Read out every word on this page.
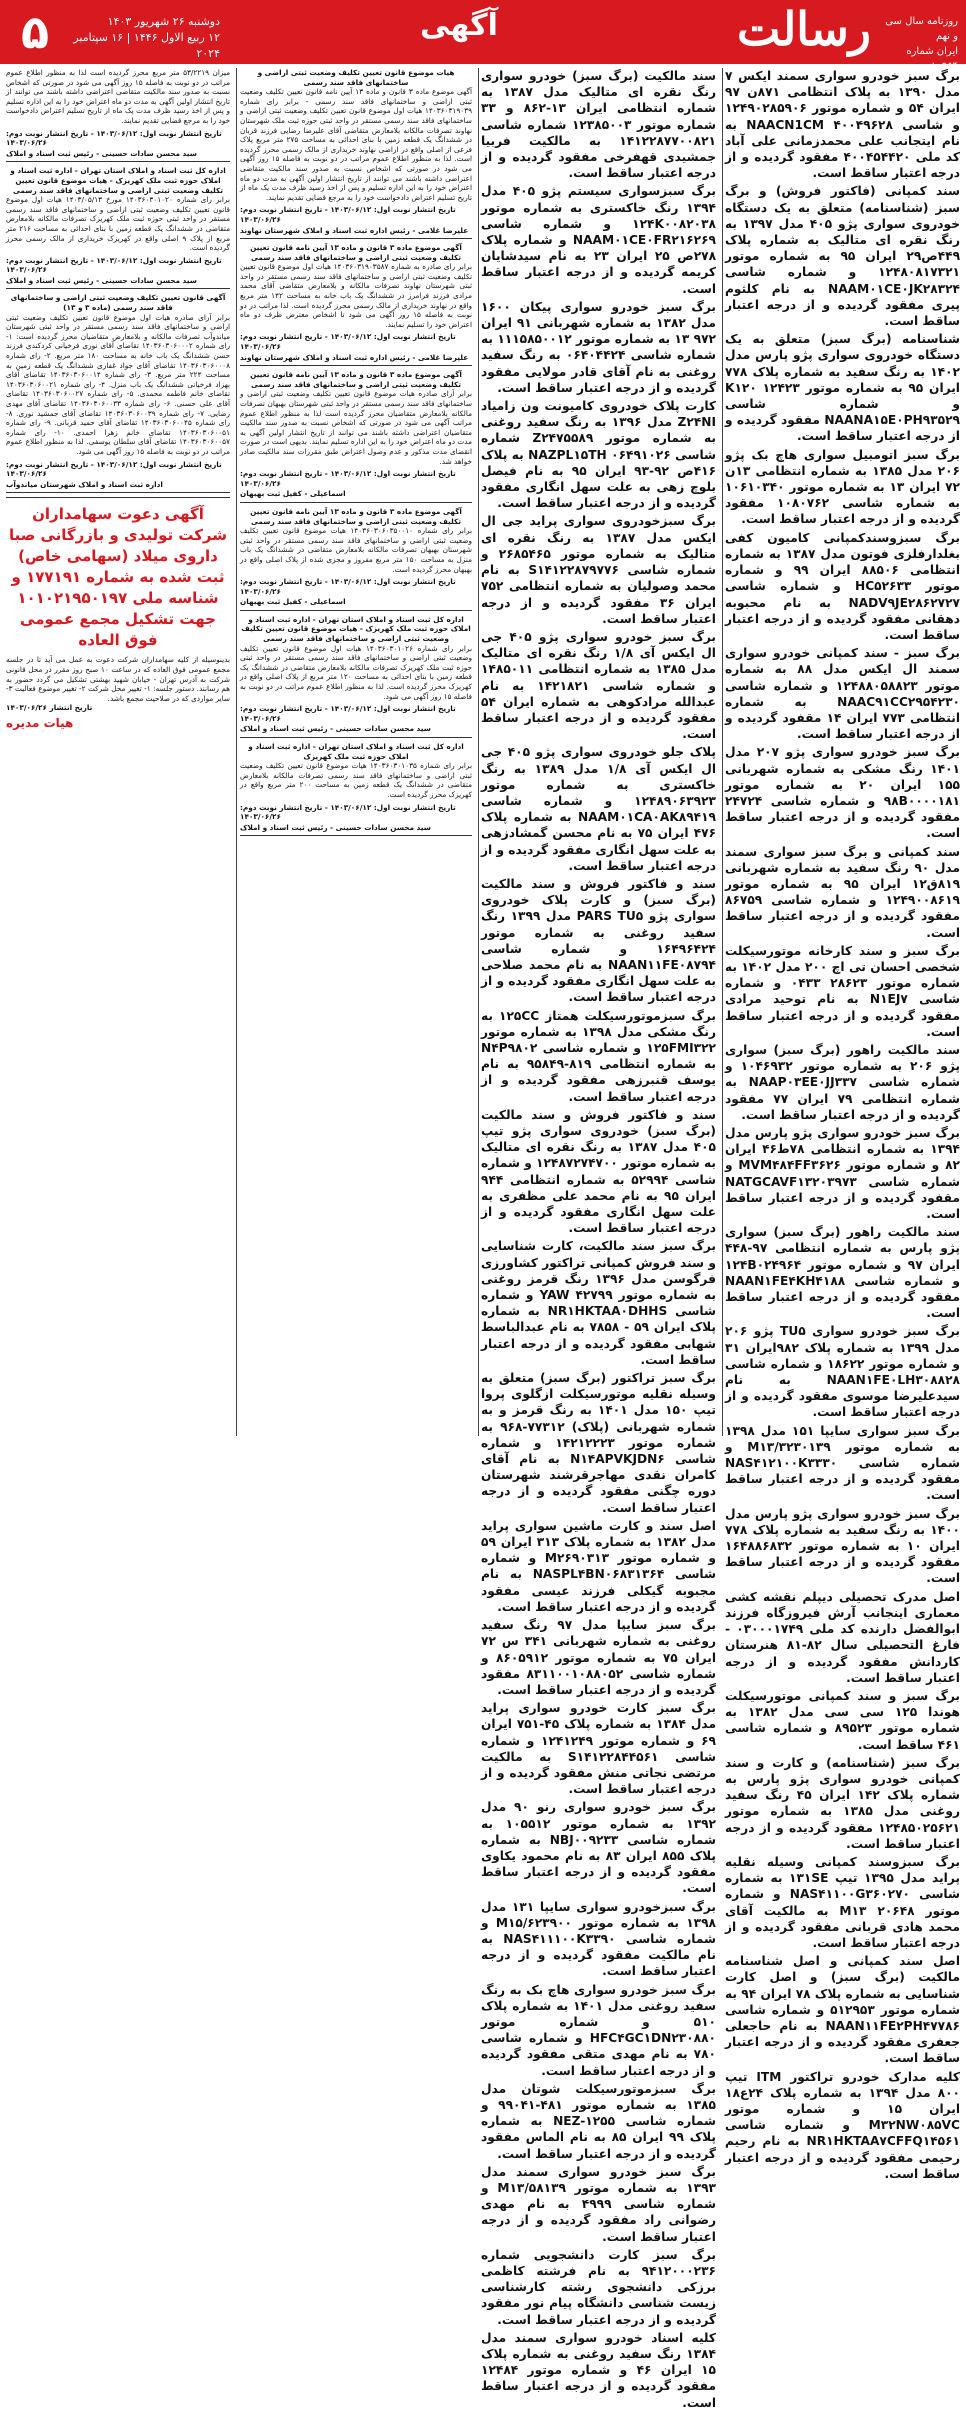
۵	دوشنبه ۲۶ شهریور ۱۴۰۳
۱۲ ربیع الاول ۱۴۴۶ | ۱۶ سپتامبر ۲۰۲۴
آگهی	رسالت	روزنامه سال سی و نهم
ایران شماره ۱۰۹۵۴

برگ سبز خودرو سواری سمند ایکس ۷ مدل ۱۳۹۰ به پلاک انتظامی ۸۷۱ن ۹۷ ایران ۵۴ و شماره موتور ۱۲۴۹۰۲۸۵۹۰۶ و شاسی ۴۰۰۴۹۶۲۸ NAACN1CM به نام ایتجانب علی محمدزمانی علی آباد کد ملی ۴۰۰۴۵۴۴۲۰ مفقود گردیده و از درجه اعتبار ساقط است.

سند کمپانی (فاکتور فروش) و برگ سبز (شناسنامه) متعلق به یک دستگاه خودروی سواری پژو ۴۰۵ مدل ۱۳۹۷ به رنگ نقره ای متالیک به شماره پلاک ۴۴۹ص۲۹ ایران ۹۵ به شماره موتور ۱۲۴۸۰۸۱۷۳۲۱ و شماره شاسی NAAM۰۱CE۰JK۲۸۳۲۴ به نام کلثوم پیری مفقود گردیده و از درجه اعتبار ساقط است.

شناسنامه (برگ سبز) متعلق به یک دستگاه خودروی سواری پژو پارس مدل ۱۴۰۲ به رنگ سفید به شماره پلاک ۷۷۸ ایران ۹۵ به شماره موتور ۱۲۴۲۳ K۱۲۰ و شماره شاسی NAANA۱۵E۰PH۹۳۵۲۹ مفقود گردیده و از درجه اعتبار ساقط است.

برگ سبز اتومبیل سواری هاچ بک پژو ۲۰۶ مدل ۱۳۸۵ به شماره انتظامی ۱۳ن ۷۲ ایران ۱۳ به شماره موتور ۱۰۶۱۰۳۴۰ به شماره شاسی ۱۰۸۰۷۶۲ مفقود گردیده و از درجه اعتبار ساقط است.

برگ سبزوسندکمپانی کامیون کفی بغلدارفلزی فوتون مدل ۱۳۸۷ به شماره انتظامی ۸۸۵۰۶ ایران ۹۹ و شماره موتور HC۵۲۶۳۳ و شماره شاسی NADV۹JE۲۸۶۲۷۲۷ به نام محبوبه دهقانی مفقود گردیده و از درجه اعتبار ساقط است.

برگ سبز - سند کمپانی خودرو سواری سمند ال ایکس مدل ۸۸ به شماره موتور ۱۲۴۸۸۰۵۸۸۲۳ و شماره شاسی NAAC۹۱CC۲۹۵۴۲۳۰ به شماره انتظامی ۷۷۳ ایران ۱۴ مقفود گردیده و از درجه اعتبار ساقط است.

برگ سبز خودرو سواری پژو ۲۰۷ مدل ۱۴۰۱ رنگ مشکی به شماره شهربانی ۱۵۵ ایران ۲۰ به شماره موتور ۹۸B۰۰۰۰۱۸۱ و شماره شاسی ۲۴۷۲۴ مفقود گردیده و از درجه اعتبار ساقط است.

سند کمپانی و برگ سبز سواری سمند مدل ۹۰ رنگ سفید به شماره شهربانی ۸۱۹ق۱۲ ایران ۹۵ به شماره موتور ۱۲۴۹۰۰۸۶۱۹ و شماره شاسی ۸۶۷۵۹ مفقود گردیده و از درجه اعتبار ساقط است.

برگ سبز و سند کارخانه موتورسیکلت شخصی احسان تی اچ ۲۰۰ مدل ۱۴۰۲ به شماره موتور ۲۸۶۲۳ ۰۴۳۳ و شماره شاسی N۱EJ۷ به نام توحید مرادی مفقود گردیده و از درجه اعتبار ساقط است.

سند مالکیت راهور (برگ سبز) سواری پژو ۲۰۶ به شماره موتور ۱۰۴۶۹۳۲ و شماره شاسی NAAP۰۳EE۰JJ۳۳۷ به شماره انتظامی ۷۹ ایران ۷۷ مفقود گردیده و از درجه اعتبار ساقط است.

برگ سبز خودرو سواری پژو پارس مدل ۱۳۹۴ به شماره انتظامی ۷۸ط۴۶ ایران ۸۲ و شماره موتور MVM۴۸۴FF۳۶۲۶ و شماره شاسی NATGCAVF۱۳۲۰۳۹۷۳ مقفود گردیده و از درجه اعتبار ساقط است.

سند مالکیت راهور (برگ سبز) سواری پژو پارس به شماره انتظامی ۹۷-۴۴۸ ایران ۹۷ و شماره موتور ۱۲۴B۰۲۴۹۶۴ و شماره شاسی NAAN۱FE۴KH۴۱۸۸ مفقود گردیده و از درجه اعتبار ساقط است.

برگ سبز خودرو سواری TU۵ پژو ۲۰۶ مدل ۱۳۹۹ به شماره پلاک ۹۸۲ایران ۳۱ و شماره موتور ۱۸۶۲۲ و شماره شاسی NAAN۱FE۰LH۳۰۸۸۲۸ به نام سیدعلیرضا موسوی مفقود گردیده و از درجه اعتبار ساقط است.

برگ سبز سواری سایپا ۱۵۱ مدل ۱۳۹۸ به شماره موتور M۱۳/۳۲۳۰۱۳۹ و شماره شاسی NAS۴۱۲۱۰۰K۳۳۳۰ مفقود گردیده و از درجه اعتبار ساقط است.

برگ سبز خودرو سواری پژو پارس مدل ۱۴۰۰ به رنگ سفید به شماره پلاک ۷۷۸ ایران ۱۰ به شماره موتور ۱۶۴۸۸۶۸۳۲ مفقود گردیده و از درجه اعتبار ساقط است.

اصل مدرک تحصیلی دیپلم نقشه کشی معماری اینجانب آرش فیروزگاه فرزند ابوالفضل دارنده کد ملی ۰۳۰۰۰۱۷۴۹ - فارغ التحصیلی سال ۸۲-۸۱ هنرستان کاردانش مفقود گردیده و از درجه اعتبار ساقط است.

برگ سبز و سند کمپانی موتورسیکلت هوندا ۱۲۵ سی سی مدل ۱۳۸۲ به شماره موتور ۸۹۵۲۳ و شماره شاسی ۴۶۱ ساقط است.

برگ سبز (شناسنامه) و کارت و سند کمپانی خودرو سواری پژو پارس به شماره پلاک ۱۴۲ ایران ۴۵ رنگ سفید روغنی مدل ۱۳۸۵ به شماره موتور ۱۲۴۸۵۰۲۵۶۲۱ مفقود گردیده و از درجه اعتبار ساقط است.

برگ سبزوسند کمپانی وسیله نقلیه پراید مدل ۱۳۹۵ تیپ ۱۳۱SE به شماره شاسی NAS۴۱۱۰۰G۳۶۰۲۷۰ و شماره موتور ۲۰۶۴۸ M۱۳ به مالکیت آقای محمد هادی قربانی مفقود گردیده و از درجه اعتبار ساقط است.

اصل سند کمپانی و اصل شناسنامه مالکیت (برگ سبز) و اصل کارت شناسایی به شماره پلاک ۷۸ ایران ۹۴ به شماره موتور ۵۱۲۹۵۳ و شماره شاسی NAAN۱۱FE۲PH۴۷۷۸۶ به نام حاجعلی جعفری مفقود گردیده و از درجه اعتبار ساقط است.

کلیه مدارک خودرو تراکتور ITM تیپ ۸۰۰ مدل ۱۳۹۴ به شماره پلاک ۲۴ع۱۸ ایران ۱۵ و شماره موتور M۳۲NW۰۸۵VC و شماره شاسی NR۱HKTAA۷CFFQ۱۴۵۶۱ به نام رحیم رحیمی مفقود گردیده و از درجه اعتبار ساقط است.

سند مالکیت (برگ سبز) خودرو سواری رنگ نقره ای متالیک مدل ۱۳۸۷ به شماره انتظامی ایران ۱۳-۸۶۲ و ۳۳ شماره موتور ۱۲۳۸۵۰۰۳ شماره شاسی ۱۴۱۲۲۸۷۷۰۰۸۲۱ به مالکیت فربیا جمشیدی قهفرخی مفقود گردیده و از درجه اعتبار ساقط است.

برگ سبزسواری سیستم پژو ۴۰۵ مدل ۱۳۹۴ رنگ خاکستری به شماره موتور ۱۲۴K۰۰۸۲۰۳۸ و شماره شاسی NAAM۰۱CE۰FR۲۱۶۲۶۹ و شماره پلاک ۲۷۸ص ۲۵ ایران ۲۳ به نام سیدشایان کریمه گردیده و از درجه اعتبار ساقط است.

برگ سبز خودرو سواری پیکان ۱۶۰۰ مدل ۱۳۸۲ به شماره شهربانی ۹۱ ایران ۹۷۲ ۱۳ به شماره موتور ۱۱۱۵۸۵۰۰۱۲ به شماره شاسی ۰۶۴۰۴۴۲۴ به رنگ سفید روغنی به نام آقای قادر مولایی مفقود گردیده و از درجه اعتبار ساقط است.

کارت پلاک خودروی کامیونت ون زامیاد Z۲۴NI مدل ۱۳۹۶ به رنگ سفید روغنی به شماره موتور Z۲۴۷۵۵۸۹ شماره شاسی ۰۶۴۹۱۰۲۶ NAZPL۱۵TH به پلاک ۴۱۶ص ۹۲-۹۳ ایران ۹۵ به نام فیصل بلوچ زهی به علت سهل انگاری مفقود گردیده و از درجه اعتبار ساقط است.

برگ سبزخودروی سواری پراید جی ال ایکس مدل ۱۳۸۷ به رنگ نقره ای متالیک به شماره موتور ۲۶۸۵۴۶۵ و شماره شاسی S۱۴۱۲۲۸۷۹۷۷۶ به نام محمد وصولیان به شماره انتظامی ۷۵۲ ایران ۳۶ مفقود گردیده و از درجه اعتبار ساقط است.

برگ سبز خودرو سواری پژو ۴۰۵ جی ال ایکس آی ۱/۸ رنگ نقره ای متالیک مدل ۱۳۸۵ به شماره انتظامی ۱۴۸۵۰۱۱ و شماره شاسی ۱۴۲۱۸۲۱ به نام عبدالله مرادکوهی به شماره ایران ۵۴ مفقود گردیده و از درجه اعتبار ساقط است.

پلاک جلو خودروی سواری پژو ۴۰۵ جی ال ایکس آی ۱/۸ مدل ۱۳۸۹ به رنگ خاکستری به شماره موتور ۱۲۴۸۹۰۶۳۹۲۳ و شماره شاسی NAAM۰۱CA۰AK۸۹۴۱۹ به شماره پلاک ۴۷۶ ایران ۷۵ به نام محسن گمشادزهی به علت سهل انگاری مفقود گردیده و از درجه اعتبار ساقط است.

سند و فاکتور فروش و سند مالکیت (برگ سبز) و کارت پلاک خودروی سواری پژو PARS TU۵ مدل ۱۳۹۹ رنگ سفید روغنی به شماره موتور ۱۶۴۹۶۴۲۴ و شماره شاسی NAAN۱۱FE۰۸۷۹۴ به نام محمد صلاحی به علت سهل انگاری مفقود گردیده و از درجه اعتبار ساقط است.

برگ سبزموتورسیکلت همتاز ۱۲۵CC به رنگ مشکی مدل ۱۳۹۸ به شماره موتور ۱۲۵FMI۳۲۲ و شماره شاسی N۴P۹۸۰۲ به شماره انتظامی ۸۱۹-۹۵۸۴۹ به نام یوسف قنبرزهی مفقود گردیده و از درجه اعتبار ساقط است.

سند و فاکتور فروش و سند مالکیت (برگ سبز) خودروی سواری پژو تیپ ۴۰۵ مدل ۱۳۸۷ به رنگ نقره ای متالیک به شماره موتور ۱۲۴۸۷۲۷۴۷۰۰ و شماره شاسی ۵۲۹۹۴ به شماره انتظامی ۹۴۴ ایران ۹۵ به نام محمد علی مظفری به علت سهل انگاری مفقود گردیده و از درجه اعتبار ساقط است.

برگ سبز سند مالکیت، کارت شناسایی و سند فروش کمپانی تراکتور کشاورزی فرگوسن مدل ۱۳۹۶ رنگ قرمز روغنی به شماره موتور YAW ۴۲۷۹۹ و شماره شاسی NR۱HKTAA۰DHHS به شماره پلاک ایران ۵۹ - ۷۸۵۸ به نام عبدالباسط شهابی مفقود گردیده و از درجه اعتبار ساقط است.

برگ سبز تراکتور (برگ سبز) متعلق به وسیله نقلیه موتورسیکلت ازگلوی پروا تیپ ۱۵۰ مدل ۱۴۰۱ به رنگ قرمز و به شماره شهربانی (پلاک) ۷۷۳۱۲-۹۶۸ به شماره موتور ۱۴۲۱۲۲۲۳ و شماره شاسی N۱۴APVKJDN۶ به نام آقای کامران نقدی مهاجرقرشند شهرستان دوره چگنی مفقود گردیده و از درجه اعتبار ساقط است.

اصل سند و کارت ماشین سواری پراید مدل ۱۳۸۲ به شماره پلاک ۳۱۳ ایران ۵۹ و شماره موتور M۲۶۹۰۳۱۳ و شماره شاسی NASPL۴BN۰۶۸۳۱۳۶۴ به نام مجبوبه گیکلی فرزند عیسی مفقود گردیده و از درجه اعتبار ساقط است.

برگ سبز سایپا مدل ۹۷ رنگ سفید روغنی به شماره شهربانی ۳۴۱ س ۷۲ ایران ۷۵ به شماره موتور ۸۶۰۵۹۱۲ و شماره شاسی ۸۳۱۱۰۰۱۰۸۸۰۵۲ مفقود گردیده و از درجه اعتبار ساقط است.

برگ سبز کارت خودرو سواری پراید مدل ۱۳۸۴ به شماره پلاک ۴۵-۷۵۱ ایران ۶۹ و شماره موتور ۱۲۴۱۲۴۹ و شماره شاسی S۱۴۱۲۲۸۴۴۵۶۱ به مالکیت مرتضی نجاتی منش مفقود گردیده و از درجه اعتبار ساقط است.

برگ سبز خودرو سواری رنو ۹۰ مدل ۱۳۹۲ به شماره موتور ۱۰۵۵۱۲ به شماره شاسی NBJ۰۰۹۲۳۳ به شماره پلاک ۸۵۵ ایران ۸۳ به نام محمود یکاوی مفقود گردیده و از درجه اعتبار ساقط است.

برگ سبزخودرو سواری سایپا ۱۳۱ مدل ۱۳۹۸ به شماره موتور M۱۵/۶۲۳۹۰۰ و شماره شاسی NAS۴۱۱۱۰۰K۳۳۹۰ به نام مالکیت مفقود گردیده و از درجه اعتبار ساقط است.

برگ سبز خودرو سواری هاچ بک به رنگ سفید روغنی مدل ۱۴۰۱ به شماره پلاک ۵۱۰ و شماره موتور HFC۴GC۱DN۲۳۰۸۸۰ و شماره شاسی ۷۸۰ به نام مهدی متقی مفقود گردیده و از درجه اعتبار ساقط است.

برگ سبزموتورسیکلت شوتان مدل ۱۳۸۵ به شماره موتور ۴۸۱-۹۹۰۴۱ و شماره شاسی NEZ-۱۲۵۵ به شماره پلاک ۹۹ ایران ۸۵ به نام الماس مفقود گردیده و از درجه اعتبار ساقط است.

برگ سبز خودرو سواری سمند مدل ۱۳۹۳ به شماره موتور M۱۳/۵۸۱۳۹ و شماره شاسی ۴۹۹۹ به نام مهدی رضوانی راد مفقود گردیده و از درجه اعتبار ساقط است.

برگ سبز کارت دانشجویی شماره ۹۴۱۲۰۰۰۲۳۶ به نام فرشته کاظمی برزکی دانشجوی رشته کارشناسی زیست شناسی دانشگاه پیام نور مفقود گردیده و از درجه اعتبار ساقط است.

کلیه اسناد خودرو سواری سمند مدل ۱۳۸۴ رنگ سفید روغنی به شماره پلاک ۱۵ ایران ۴۶ و شماره موتور ۱۲۴۸۴ مفقود گردیده و از درجه اعتبار ساقط است.

هیات موضوع قانون تعیین تکلیف وضعیت ثبتی اراضی و ساختمانهای فاقد سند رسمی

آگهی موضوع ماده ۳ قانون و ماده ۱۳ آیین نامه قانون تعیین تکلیف وضعیت ثبتی اراضی و ساختمانهای فاقد سند رسمی - برابر رای شماره ۱۴۰۳۶۰۳۱۹۰۳۹ هیات اول موضوع قانون تعیین تکلیف وضعیت ثبتی اراضی و ساختمانهای فاقد سند رسمی مستقر در واحد ثبتی حوزه ثبت ملک شهرستان نهاوند تصرفات مالکانه بلامعارض متقاضی آقای علیرضا رضایی فرزند قربان در ششدانگ یک قطعه زمین با بنای احداثی به مساحت ۲۷۵ متر مربع پلاک فرعی از اصلی واقع در اراضی نهاوند خریداری از مالک رسمی محرز گردیده است. لذا به منظور اطلاع عموم مراتب در دو نوبت به فاصله ۱۵ روز آگهی می شود در صورتی که اشخاص نسبت به صدور سند مالکیت متقاضی اعتراضی داشته باشند می توانند از تاریخ انتشار اولین آگهی به مدت دو ماه اعتراض خود را به این اداره تسلیم و پس از اخذ رسید ظرف مدت یک ماه از تاریخ تسلیم اعتراض دادخواست خود را به مرجع قضایی تقدیم نمایند.

تاریخ انتشار نوبت اول: ۱۴۰۳/۰۶/۱۲ - تاریخ انتشار نوبت دوم: ۱۴۰۳/۰۶/۲۶

علیرضا غلامی - رئیس اداره ثبت اسناد و املاک شهرستان نهاوند

آگهی موضوع ماده ۳ قانون و ماده ۱۳ آیین نامه قانون تعیین تکلیف وضعیت ثبتی اراضی و ساختمانهای فاقد سند رسمی

برابر رای صادره به شماره ۱۴۰۳۶۰۳۱۹۰۳۵۸۷ هیات اول موضوع قانون تعیین تکلیف وضعیت ثبتی اراضی و ساختمانهای فاقد سند رسمی مستقر در واحد ثبتی شهرستان نهاوند تصرفات مالکانه و بلامعارض متقاضی آقای محمد مرادی فرزند فرامرز در ششدانگ یک باب خانه به مساحت ۱۴۲ متر مربع واقع در نهاوند خریداری از مالک رسمی محرز گردیده است. لذا مراتب در دو نوبت به فاصله ۱۵ روز آگهی می شود تا اشخاص معترض ظرف دو ماه اعتراض خود را تسلیم نمایند.

تاریخ انتشار نوبت اول: ۱۴۰۳/۰۶/۱۲ - تاریخ انتشار نوبت دوم: ۱۴۰۳/۰۶/۲۶

علیرضا غلامی - رئیس اداره ثبت اسناد و املاک شهرستان نهاوند

آگهی موضوع ماده ۳ قانون و ماده ۱۳ آیین نامه قانون تعیین تکلیف وضعیت ثبتی اراضی و ساختمانهای فاقد سند رسمی

برابر آرای صادره هیات موضوع قانون تعیین تکلیف وضعیت ثبتی اراضی و ساختمانهای فاقد سند رسمی مستقر در واحد ثبتی شهرستان بهبهان تصرفات مالکانه بلامعارض متقاضیان محرز گردیده است لذا به منظور اطلاع عموم مراتب آگهی می شود در صورتی که اشخاص نسبت به صدور سند مالکیت متقاضیان اعتراضی داشته باشند می توانند از تاریخ انتشار اولین آگهی به مدت دو ماه اعتراض خود را به این اداره تسلیم نمایند. بدیهی است در صورت انقضای مدت مذکور و عدم وصول اعتراض طبق مقررات سند مالکیت صادر خواهد شد.

تاریخ انتشار نوبت اول: ۱۴۰۳/۰۶/۱۲ - تاریخ انتشار نوبت دوم: ۱۴۰۳/۰۶/۲۶

اسماعیلی - کفیل ثبت بهبهان

آگهی موضوع ماده ۳ قانون و ماده ۱۳ آیین نامه قانون تعیین تکلیف وضعیت ثبتی اراضی و ساختمانهای فاقد سند رسمی

برابر رای شماره ۱۴۰۳۶۰۳۰۶۰۳۵۰۰۱۰ هیات موضوع قانون تعیین تکلیف وضعیت ثبتی اراضی و ساختمانهای فاقد سند رسمی مستقر در واحد ثبتی شهرستان بهبهان تصرفات مالکانه بلامعارض متقاضی در ششدانگ یک باب منزل به مساحت ۱۵۰ متر مربع مفروز و مجزی شده از پلاک اصلی واقع در بهبهان محرز گردیده است.

تاریخ انتشار نوبت اول: ۱۴۰۳/۰۶/۱۲ - تاریخ انتشار نوبت دوم: ۱۴۰۳/۰۶/۲۶

اسماعیلی - کفیل ثبت بهبهان

اداره کل ثبت اسناد و املاک استان تهران - اداره ثبت اسناد و املاک حوزه ثبت ملک کهریزک - هیات موضوع قانون تعیین تکلیف وضعیت ثبتی اراضی و ساختمانهای فاقد سند رسمی

برابر رای شماره ۱۴۰۳۶۰۳۰۱۰۲۶ هیات اول موضوع قانون تعیین تکلیف وضعیت ثبتی اراضی و ساختمانهای فاقد سند رسمی مستقر در واحد ثبتی حوزه ثبت ملک کهریزک تصرفات مالکانه بلامعارض متقاضی در ششدانگ یک قطعه زمین با بنای احداثی به مساحت ۱۲۰ متر مربع از پلاک اصلی واقع در کهریزک محرز گردیده است. لذا به منظور اطلاع عموم مراتب در دو نوبت به فاصله ۱۵ روز آگهی می شود.

تاریخ انتشار نوبت اول: ۱۴۰۳/۰۶/۱۲ - تاریخ انتشار نوبت دوم: ۱۴۰۳/۰۶/۲۶

سید محسن سادات حسینی - رئیس ثبت اسناد و املاک

اداره کل ثبت اسناد و املاک استان تهران - اداره ثبت اسناد و املاک حوزه ثبت ملک کهریزک

برابر رای شماره ۱۴۰۳۶۰۳۰۱۰۳۵ هیات موضوع قانون تعیین تکلیف وضعیت ثبتی اراضی و ساختمانهای فاقد سند رسمی تصرفات مالکانه بلامعارض متقاضی در ششدانگ یک قطعه زمین به مساحت ۲۰۰ متر مربع واقع در کهریزک محرز گردیده است.

تاریخ انتشار نوبت اول: ۱۴۰۳/۰۶/۱۲ - تاریخ انتشار نوبت دوم: ۱۴۰۳/۰۶/۲۶

سید محسن سادات حسینی - رئیس ثبت اسناد و املاک

میزان ۵۳/۲۲۱۹ متر مربع محرز گردیده است لذا به منظور اطلاع عموم مراتب در دو نوبت به فاصله ۱۵ روز آگهی می شود در صورتی که اشخاص نسبت به صدور سند مالکیت متقاضی اعتراضی داشته باشند می توانند از تاریخ انتشار اولین آگهی به مدت دو ماه اعتراض خود را به این اداره تسلیم و پس از اخذ رسید ظرف مدت یک ماه از تاریخ تسلیم اعتراض دادخواست خود را به مرجع قضایی تقدیم نمایند.

تاریخ انتشار نوبت اول: ۱۴۰۳/۰۶/۱۲ - تاریخ انتشار نوبت دوم: ۱۴۰۳/۰۶/۲۶

سید محسن سادات حسینی - رئیس ثبت اسناد و املاک

اداره کل ثبت اسناد و املاک استان تهران - اداره ثبت اسناد و املاک حوزه ثبت ملک کهریزک - هیات موضوع قانون تعیین تکلیف وضعیت ثبتی اراضی و ساختمانهای فاقد سند رسمی

برابر رای شماره ۱۴۰۳۶۰۳۰۱۰۲۰ مورخ ۱۴۰۳/۰۵/۱۳ هیات اول موضوع قانون تعیین تکلیف وضعیت ثبتی اراضی و ساختمانهای فاقد سند رسمی مستقر در واحد ثبتی حوزه ثبت ملک کهریزک تصرفات مالکانه بلامعارض متقاضی در ششدانگ یک قطعه زمین با بنای احداثی به مساحت ۲۱۶ متر مربع از پلاک ۹ اصلی واقع در کهریزک خریداری از مالک رسمی محرز گردیده است.

تاریخ انتشار نوبت اول: ۱۴۰۳/۰۶/۱۲ - تاریخ انتشار نوبت دوم: ۱۴۰۳/۰۶/۲۶

سید محسن سادات حسینی - رئیس ثبت اسناد و املاک

آگهی قانون تعیین تکلیف وضعیت ثبتی اراضی و ساختمانهای فاقد سند رسمی (ماده ۳ و ۱۳)

برابر آرای صادره هیات اول موضوع قانون تعیین تکلیف وضعیت ثبتی اراضی و ساختمانهای فاقد سند رسمی مستقر در واحد ثبتی شهرستان میاندوآب تصرفات مالکانه و بلامعارض متقاضیان محرز گردیده است: ۱- رای شماره ۱۴۰۳۶۰۳۰۶۰۰۰۲ تقاضای آقای نوری فرخیانی کردکندی فرزند حسن ششدانگ یک باب خانه به مساحت ۱۸۰ متر مربع. ۲- رای شماره ۱۴۰۳۶۰۳۰۶۰۰۰۸ تقاضای آقای جواد غفاری ششدانگ یک قطعه زمین به مساحت ۲۲۴ متر مربع. ۳- رای شماره ۱۴۰۳۶۰۳۰۶۰۰۱۴ تقاضای آقای بهزاد فرخیانی ششدانگ یک باب منزل. ۴- رای شماره ۱۴۰۳۶۰۳۰۶۰۰۲۱ تقاضای خانم فاطمه محمدی. ۵- رای شماره ۱۴۰۳۶۰۳۰۶۰۰۲۷ تقاضای آقای علی حسنی. ۶- رای شماره ۱۴۰۳۶۰۳۰۶۰۰۳۳ تقاضای آقای مهدی رضایی. ۷- رای شماره ۱۴۰۳۶۰۳۰۶۰۰۳۹ تقاضای آقای جمشید نوری. ۸- رای شماره ۱۴۰۳۶۰۳۰۶۰۰۴۵ تقاضای آقای حمید قربانی. ۹- رای شماره ۱۴۰۳۶۰۳۰۶۰۰۵۱ تقاضای خانم زهرا احمدی. ۱۰- رای شماره ۱۴۰۳۶۰۳۰۶۰۰۵۷ تقاضای آقای سلطان یوسفی. لذا به منظور اطلاع عموم مراتب در دو نوبت به فاصله ۱۵ روز آگهی می شود.

تاریخ انتشار نوبت اول: ۱۴۰۳/۰۶/۱۲ - تاریخ انتشار نوبت دوم: ۱۴۰۳/۰۶/۲۶

اداره ثبت اسناد و املاک شهرستان میاندوآب

آگهی دعوت سهامداران شرکت تولیدی و بازرگانی صبا داروی میلاد (سهامی خاص) ثبت شده به شماره ۱۷۷۱۹۱ و شناسه ملی ۱۰۱۰۲۱۹۵۰۱۹۷ جهت تشکیل مجمع عمومی فوق العاده
بدینوسیله از کلیه سهامداران شرکت دعوت به عمل می آید تا در جلسه مجمع عمومی فوق العاده که در ساعت ۱۰ صبح روز مقرر در محل قانونی شرکت به آدرس تهران - خیابان شهید بهشتی تشکیل می گردد حضور به هم رسانند. دستور جلسه: ۱- تغییر محل شرکت ۲- تغییر موضوع فعالیت ۳- سایر مواردی که در صلاحیت مجمع باشد.
تاریخ انتشار ۱۴۰۳/۰۶/۲۶
هیات مدیره
